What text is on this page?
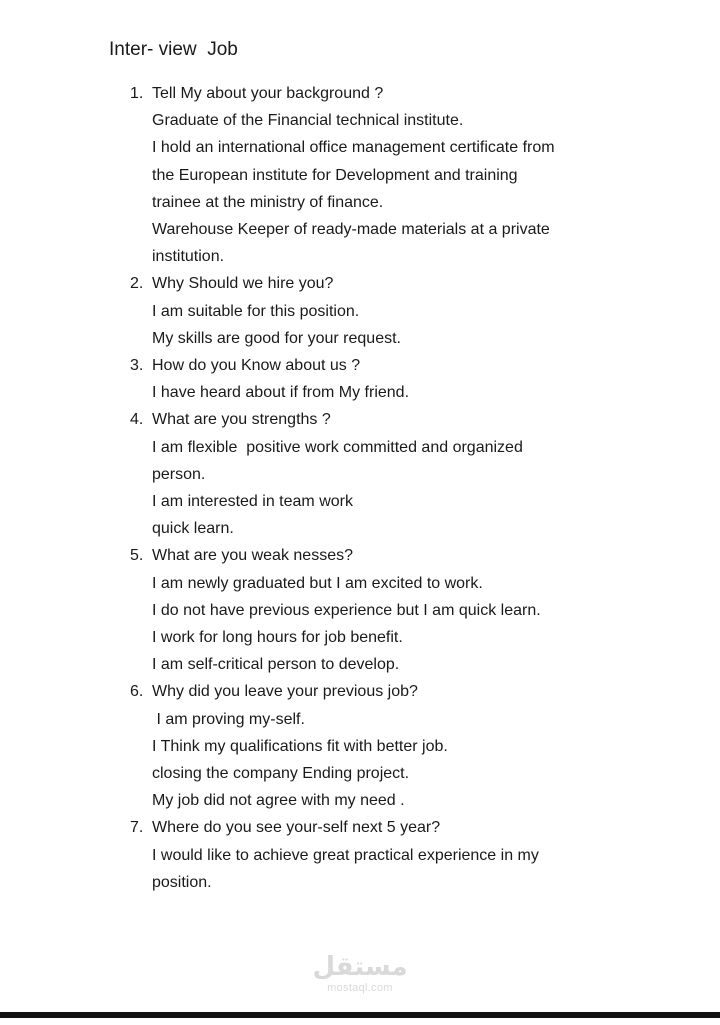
Inter- view  Job
1. Tell My about your background ?
Graduate of the Financial technical institute.
I hold an international office management certificate from
the European institute for Development and training
trainee at the ministry of finance.
Warehouse Keeper of ready-made materials at a private
institution.
2. Why Should we hire you?
I am suitable for this position.
My skills are good for your request.
3. How do you Know about us ?
I have heard about if from My friend.
4. What are you strengths ?
I am flexible  positive work committed and organized
person.
I am interested in team work
quick learn.
5. What are you weak nesses?
I am newly graduated but I am excited to work.
I do not have previous experience but I am quick learn.
I work for long hours for job benefit.
I am self-critical person to develop.
6. Why did you leave your previous job?
I am proving my-self.
I Think my qualifications fit with better job.
closing the company Ending project.
My job did not agree with my need .
7. Where do you see your-self next 5 year?
I would like to achieve great practical experience in my
position.
مستقل
mostaql.com
